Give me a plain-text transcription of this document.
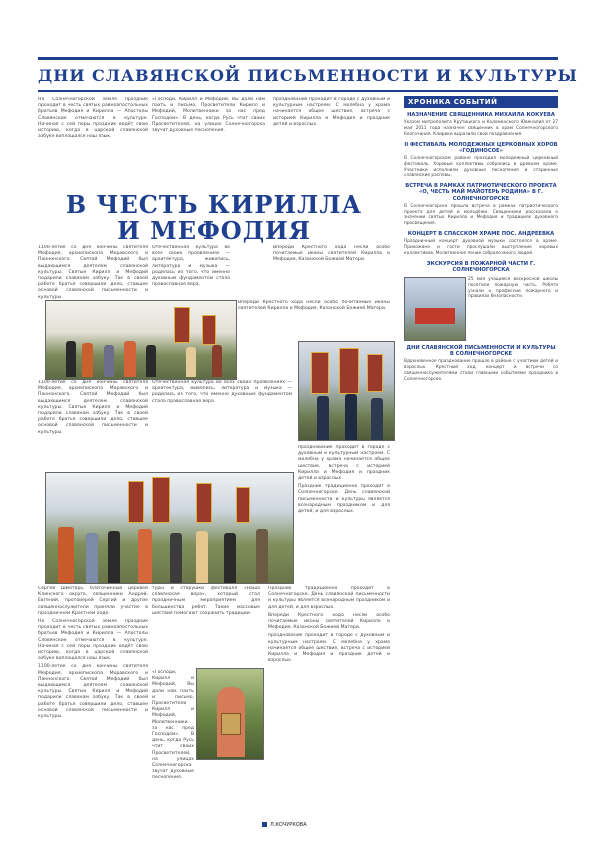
ДНИ СЛАВЯНСКОЙ ПИСЬМЕННОСТИ И КУЛЬТУРЫ

На Солнечногорской земле праздник проходит в честь святых равноапостольных братьев Мефодия и Кирилла — Апостолы Словянские отмечаются в культуре. Начиная с сей поры праздник ведёт свою историю, когда в царской славянской азбуке воплощался наш язык.

«Господи, Кирилл и Мефодий, Вы дали нам пахть и письмо, Просветители Кирилл и Мефодий, Молитвенники за нас пред Господом». В день, когда Русь чтит своих Просветителей, на улицах Солнечногорска звучат духовные песнопения.

празднование проходит в городе с духовным и культурным настроем. С молебна у храма начинается общее шествие, встреча с историей Кирилла и Мефодия и праздник детей и взрослых.

В ЧЕСТЬ КИРИЛЛА
И МЕФОДИЯ

1100-летие со дня кончины святителя Мефодия, архиепископа Моравского и Паннонского. Святой Мефодий был выдающимся деятелем славянской культуры. Святые Кирилл и Мефодий подарили славянам азбуку. Так в своей работе братья совершили дело, ставшее основой славянской письменности и культуры.

Отечественная культура во всех своих проявлениях — архитектура, живопись, литература и музыка — родилась из того, что именно духовным фундаментом стала православная вера.

Впереди Крестного хода несли особо почитаемые иконы святителей Кирилла и Мефодия, Казанской Божией Матери.

Впереди Крестного хода несли особо почитаемые иконы святителей Кирилла и Мефодия, Казанской Божией Матери.

1100-летие со дня кончины святителя Мефодия, архиепископа Моравского и Паннонского. Святой Мефодий был выдающимся деятелем славянской культуры. Святые Кирилл и Мефодий подарили славянам азбуку. Так в своей работе братья совершили дело, ставшее основой славянской письменности и культуры.

Отечественная культура во всех своих проявлениях — архитектура, живопись, литература и музыка — родилась из того, что именно духовным фундаментом стала православная вера.

празднование проходит в городе с духовным и культурным настроем. С молебна у храма начинается общее шествие, встреча с историей Кирилла и Мефодия и праздник детей и взрослых.

Праздник традиционно проходит в Солнечногорске. День славянской письменности и культуры является всенародным праздником и для детей, и для взрослых.

Сергей Шмотарь, благочинный церквей Клинского округа, священники Андрей, Евгений, протоиерей Сергий и другие священнослужители приняли участие в праздничном Крестном ходе.

На Солнечногорской земле праздник проходит в честь святых равноапостольных братьев Мефодия и Кирилла — Апостолы Словянские отмечаются в культуре. Начиная с сей поры праздник ведёт свою историю, когда в царской славянской азбуке воплощался наш язык.

1100-летие со дня кончины святителя Мефодия, архиепископа Моравского и Паннонского. Святой Мефодий был выдающимся деятелем славянской культуры. Святые Кирилл и Мефодий подарили славянам азбуку. Так в своей работе братья совершили дело, ставшее основой славянской письменности и культуры.

туры и старушки фестиваля «Наша славянская вера», который стал праздничным мероприятием для большинства ребят. Такие массовые шествия помогают сохранить традиции.

Праздник традиционно проходит в Солнечногорске. День славянской письменности и культуры является всенародным праздником и для детей, и для взрослых.

Впереди Крестного хода несли особо почитаемые иконы святителей Кирилла и Мефодия, Казанской Божией Матери.

празднование проходит в городе с духовным и культурным настроем. С молебна у храма начинается общее шествие, встреча с историей Кирилла и Мефодия и праздник детей и взрослых.

«Господи, Кирилл и Мефодий, Вы дали нам пахть и письмо, Просветители Кирилл и Мефодий, Молитвенники за нас пред Господом». В день, когда Русь чтит своих Просветителей, на улицах Солнечногорска звучат духовные песнопения.

Л.КОЧУРКОВА
ХРОНИКА СОБЫТИЙ
НАЗНАЧЕНИЕ СВЯЩЕННИКА МИХАИЛА КОКУЕВА
Указом митрополита Крутицкого и Коломенского Ювеналия от 27 мая 2011 года назначен священник в храм Солнечногорского благочиния. Клирики выразили свои поздравления.
II ФЕСТИВАЛЬ МОЛОДЕЖНЫХ ЦЕРКОВНЫХ ХОРОВ «ГОДИНОСОЕ»
В Солнечногорском районе проходил молодежный церковный фестиваль. Хоровые коллективы собрались в древнем храме. Участники исполнили духовные песнопения и старинные славянские распевы.
ВСТРЕЧА В РАМКАХ ПАТРИОТИЧЕСКОГО ПРОЕКТА «О, ЧЕСТЬ МАЙ МАЙОТЕРЬ РОДИНА» В Г. СОЛНЕЧНОГОРСКЕ
В Солнечногорске прошла встреча в рамках патриотического проекта для детей и молодёжи. Священники рассказали о значении святых Кирилла и Мефодия и традициях духовного просвещения.
КОНЦЕРТ В СПАССКОМ ХРАМЕ ПОС. АНДРЕЕВКА
Праздничный концерт духовной музыки состоялся в храме. Прихожане и гости прослушали выступление хоровых коллективов. Молитвенное пение собрало много людей.
ЭКСКУРСИЯ В ПОЖАРНОЙ ЧАСТИ Г. СОЛНЕЧНОГОРСКА
25 мая учащиеся воскресной школы посетили пожарную часть. Ребята узнали о профессии пожарного и правилах безопасности.
ДНИ СЛАВЯНСКОЙ ПИСЬМЕННОСТИ И КУЛЬТУРЫ В СОЛНЕЧНОГОРСКЕ
Вдохновенное празднование прошло в районе с участием детей и взрослых. Крестный ход, концерт и встречи со священнослужителями стали главными событиями праздника в Солнечногорске.
